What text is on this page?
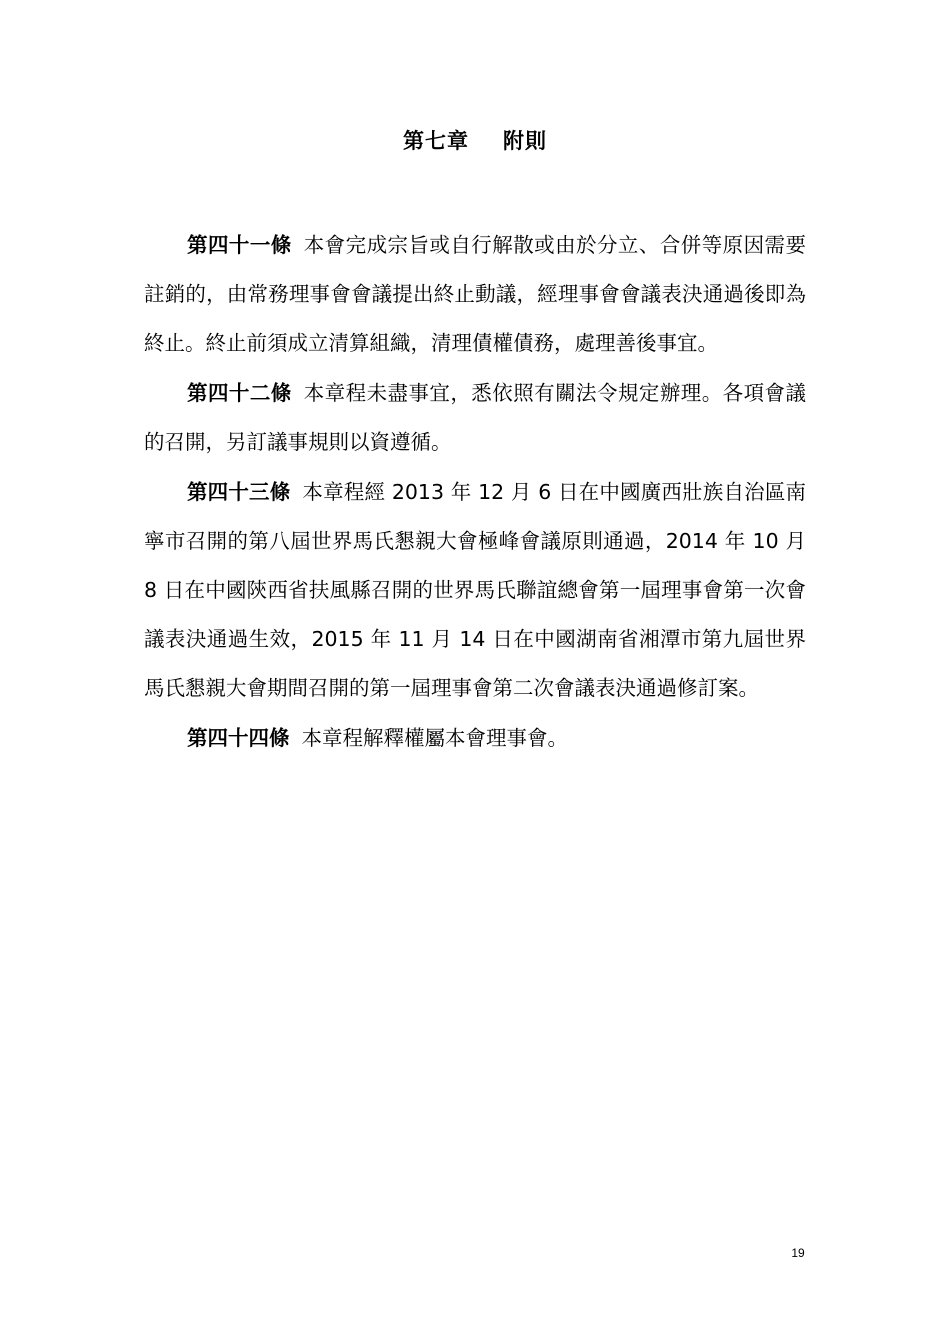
第七章 附則

第四十一條 本會完成宗旨或自行解散或由於分立、合併等原因需要註銷的，由常務理事會會議提出終止動議，經理事會會議表決通過後即為終止。終止前須成立清算組織，清理債權債務，處理善後事宜。

第四十二條 本章程未盡事宜，悉依照有關法令規定辦理。各項會議的召開，另訂議事規則以資遵循。

第四十三條 本章程經 2013 年 12 月 6 日在中國廣西壯族自治區南寧市召開的第八屆世界馬氏懇親大會極峰會議原則通過，2014 年 10 月 8 日在中國陝西省扶風縣召開的世界馬氏聯誼總會第一屆理事會第一次會議表決通過生效，2015 年 11 月 14 日在中國湖南省湘潭市第九屆世界馬氏懇親大會期間召開的第一屆理事會第二次會議表決通過修訂案。

第四十四條 本章程解釋權屬本會理事會。

19
